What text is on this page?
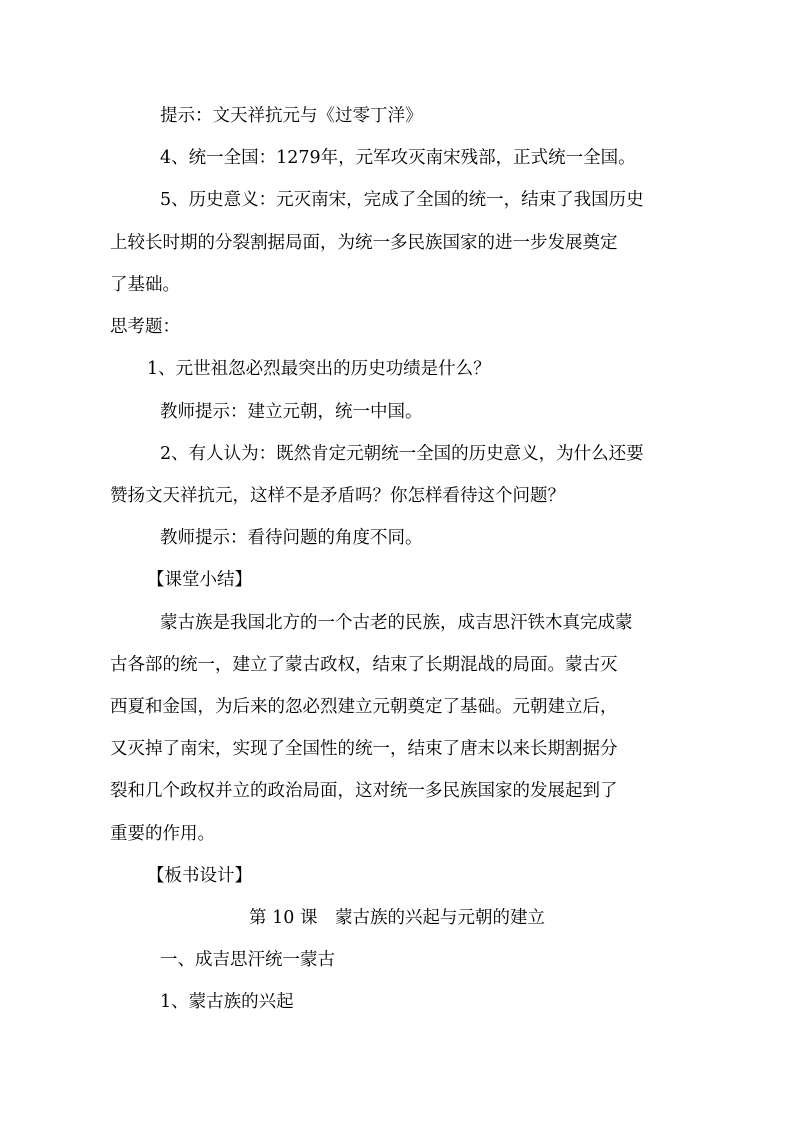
提示：文天祥抗元与《过零丁洋》
4、统一全国：1279年，元军攻灭南宋残部，正式统一全国。
5、历史意义：元灭南宋，完成了全国的统一，结束了我国历史
上较长时期的分裂割据局面，为统一多民族国家的进一步发展奠定
了基础。
思考题：
1、元世祖忽必烈最突出的历史功绩是什么？
教师提示：建立元朝，统一中国。
2、有人认为：既然肯定元朝统一全国的历史意义，为什么还要
赞扬文天祥抗元，这样不是矛盾吗？你怎样看待这个问题？
教师提示：看待问题的角度不同。
【课堂小结】
蒙古族是我国北方的一个古老的民族，成吉思汗铁木真完成蒙
古各部的统一，建立了蒙古政权，结束了长期混战的局面。蒙古灭
西夏和金国，为后来的忽必烈建立元朝奠定了基础。元朝建立后，
又灭掉了南宋，实现了全国性的统一，结束了唐末以来长期割据分
裂和几个政权并立的政治局面，这对统一多民族国家的发展起到了
重要的作用。
【板书设计】
第 10 课　蒙古族的兴起与元朝的建立
一、成吉思汗统一蒙古
1、蒙古族的兴起
